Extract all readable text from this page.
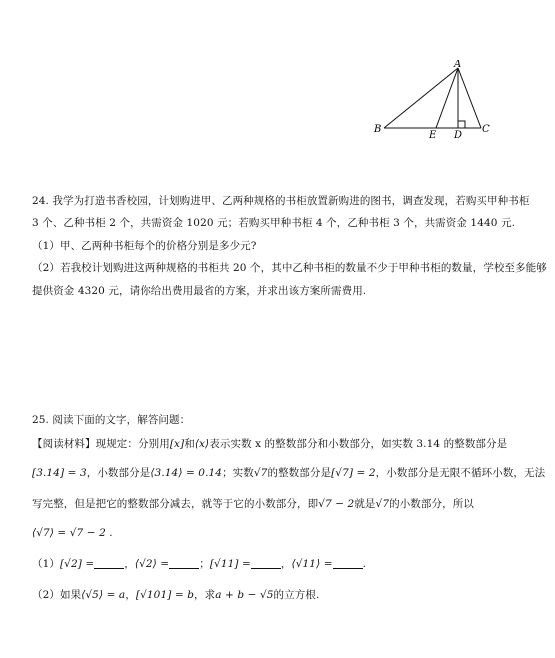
A
B
E D
C
24. 我学为打造书香校园，计划购进甲、乙两种规格的书柜放置新购进的图书，调查发现，若购买甲种书柜
3 个、乙种书柜 2 个，共需资金 1020 元；若购买甲种书柜 4 个，乙种书柜 3 个，共需资金 1440 元.
（1）甲、乙两种书柜每个的价格分别是多少元?
（2）若我校计划购进这两种规格的书柜共 20 个，其中乙种书柜的数量不少于甲种书柜的数量，学校至多能够
提供资金 4320 元，请你给出费用最省的方案，并求出该方案所需费用.
25. 阅读下面的文字，解答问题：
【阅读材料】现规定：分别用[x]和⟨x⟩表示实数 x 的整数部分和小数部分，如实数 3.14 的整数部分是
[3.14] = 3，小数部分是⟨3.14⟩ = 0.14；实数√7的整数部分是[√7] = 2，小数部分是无限不循环小数，无法
写完整，但是把它的整数部分减去，就等于它的小数部分，即√7 − 2就是√7的小数部分，所以
⟨√7⟩ = √7 − 2 .
（1）[√2] =	，⟨√2⟩ =	；[√11] =	，⟨√11⟩ =	.
（2）如果⟨√5⟩ = a，[√101] = b，求a + b − √5的立方根.
